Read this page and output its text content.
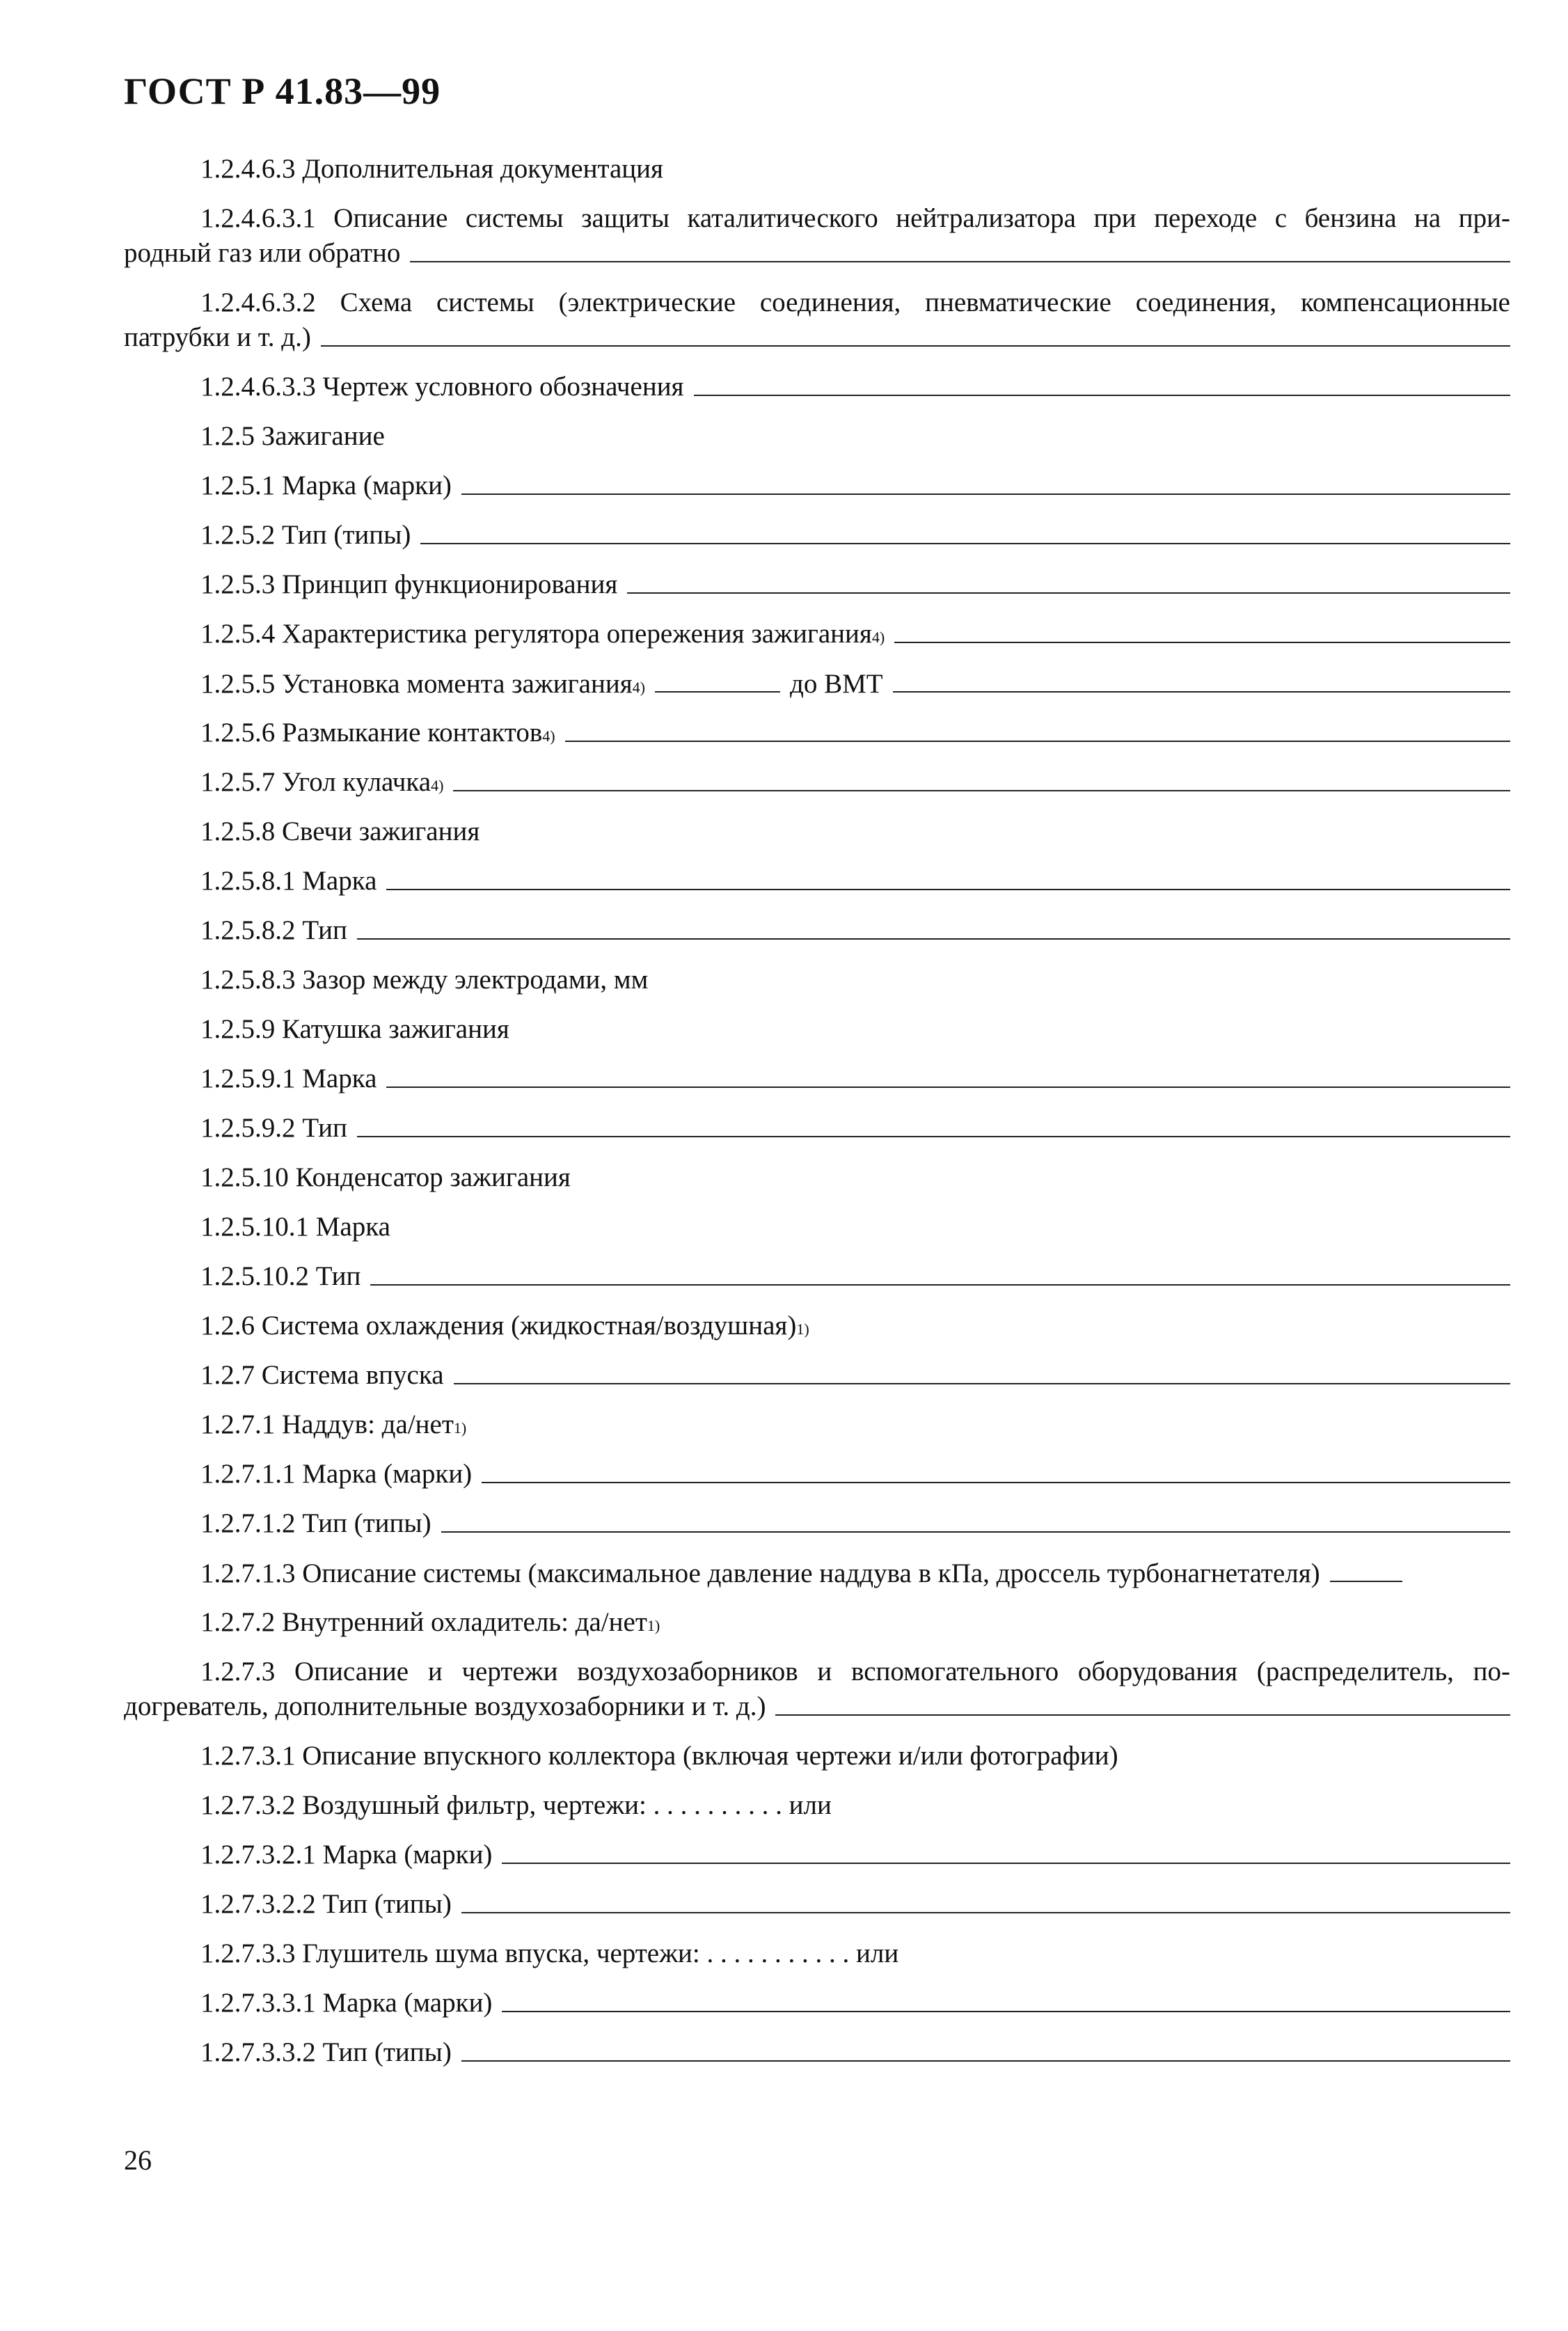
ГОСТ Р 41.83—99
1.2.4.6.3 Дополнительная документация
1.2.4.6.3.1 Описание системы защиты каталитического нейтрализатора при переходе с бензина на при-
родный газ или обратно
1.2.4.6.3.2 Схема системы (электрические соединения, пневматические соединения, компенсационные
патрубки и т. д.)
1.2.4.6.3.3 Чертеж условного обозначения
1.2.5 Зажигание
1.2.5.1 Марка (марки)
1.2.5.2 Тип (типы)
1.2.5.3 Принцип функционирования
1.2.5.4 Характеристика регулятора опережения зажигания 4)
1.2.5.5 Установка момента зажигания 4)	до ВМТ
1.2.5.6 Размыкание контактов 4)
1.2.5.7 Угол кулачка 4)
1.2.5.8 Свечи зажигания
1.2.5.8.1 Марка
1.2.5.8.2 Тип
1.2.5.8.3 Зазор между электродами, мм
1.2.5.9 Катушка зажигания
1.2.5.9.1 Марка
1.2.5.9.2 Тип
1.2.5.10 Конденсатор зажигания
1.2.5.10.1 Марка
1.2.5.10.2 Тип
1.2.6 Система охлаждения (жидкостная/воздушная) 1)
1.2.7 Система впуска
1.2.7.1 Наддув: да/нет 1)
1.2.7.1.1 Марка (марки)
1.2.7.1.2 Тип (типы)
1.2.7.1.3 Описание системы (максимальное давление наддува в кПа, дроссель турбонагнетателя)
1.2.7.2 Внутренний охладитель: да/нет 1)
1.2.7.3 Описание и чертежи воздухозаборников и вспомогательного оборудования (распределитель, по-
догреватель, дополнительные воздухозаборники и т. д.)
1.2.7.3.1 Описание впускного коллектора (включая чертежи и/или фотографии)
1.2.7.3.2 Воздушный фильтр, чертежи: . . . . . . . . . . или
1.2.7.3.2.1 Марка (марки)
1.2.7.3.2.2 Тип (типы)
1.2.7.3.3 Глушитель шума впуска, чертежи: . . . . . . . . . . . или
1.2.7.3.3.1 Марка (марки)
1.2.7.3.3.2 Тип (типы)
26
